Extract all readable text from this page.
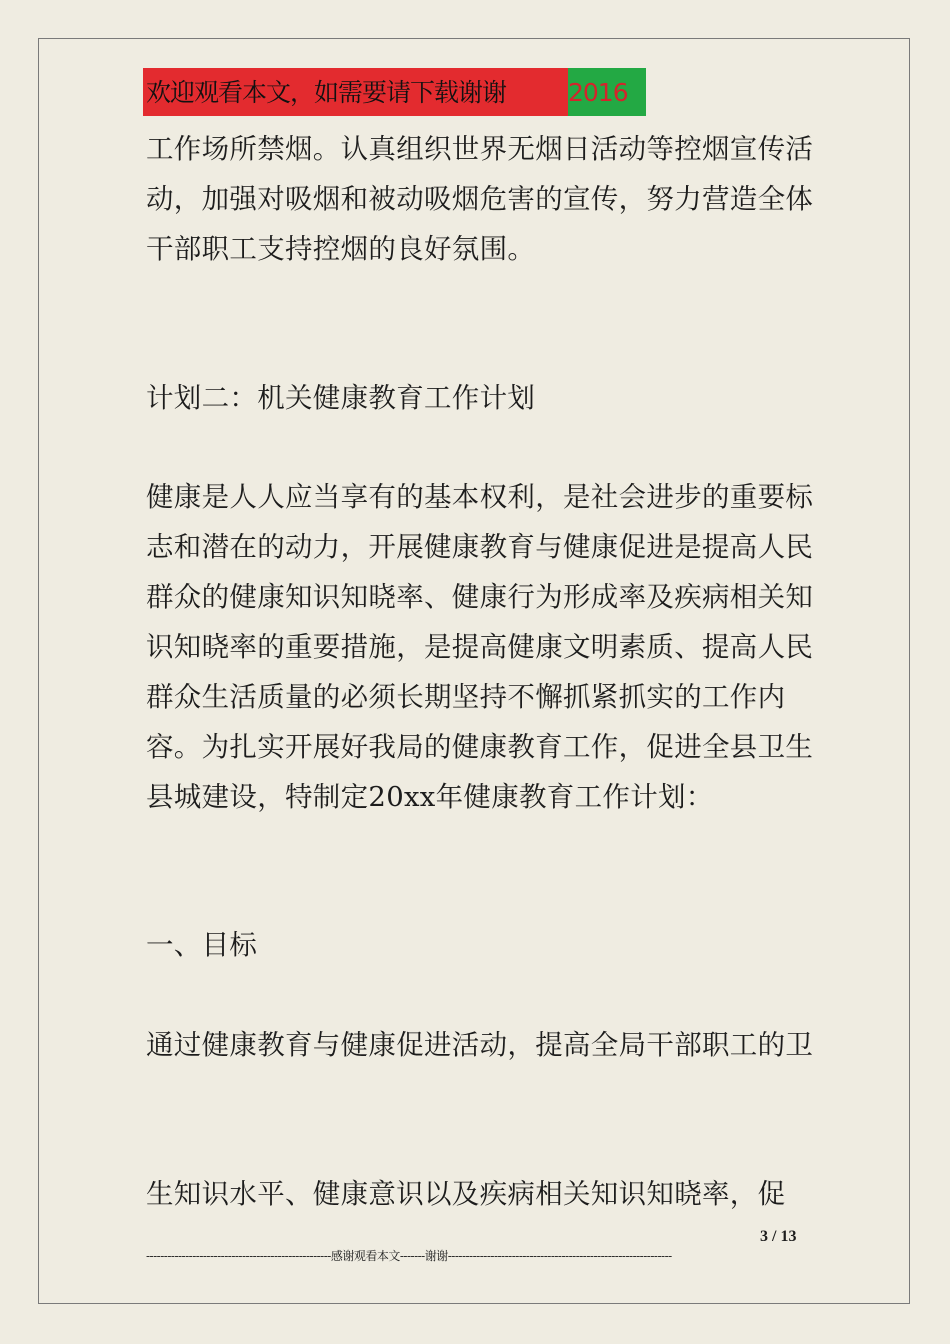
欢迎观看本文，如需要请下载谢谢	2016

工作场所禁烟。认真组织世界无烟日活动等控烟宣传活动，加强对吸烟和被动吸烟危害的宣传，努力营造全体干部职工支持控烟的良好氛围。

计划二：机关健康教育工作计划

健康是人人应当享有的基本权利，是社会进步的重要标志和潜在的动力，开展健康教育与健康促进是提高人民群众的健康知识知晓率、健康行为形成率及疾病相关知识知晓率的重要措施，是提高健康文明素质、提高人民群众生活质量的必须长期坚持不懈抓紧抓实的工作内容。为扎实开展好我局的健康教育工作，促进全县卫生县城建设，特制定20xx年健康教育工作计划：

一、目标

通过健康教育与健康促进活动，提高全局干部职工的卫

生知识水平、健康意识以及疾病相关知识知晓率，促

3 / 13
----------------------------------------------------感谢观看本文-------谢谢---------------------------------------------------------------
